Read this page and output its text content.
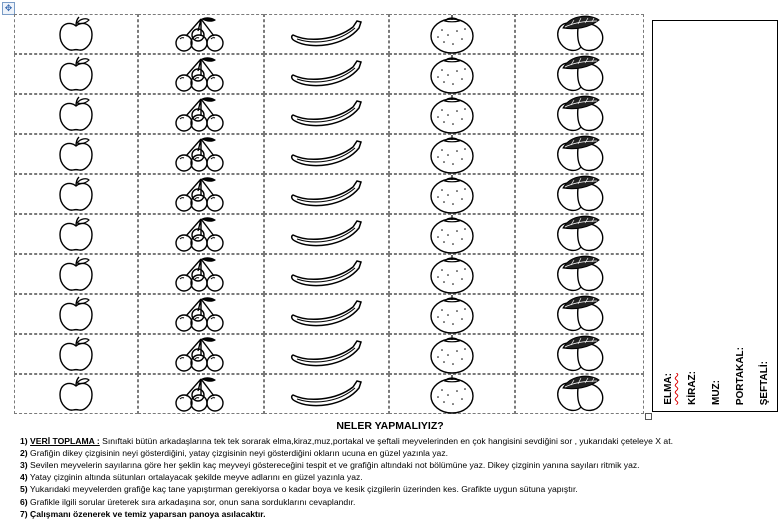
✥
ELMA: KİRAZ: MUZ: PORTAKAL: ŞEFTALİ:
NELER YAPMALIYIZ?
1) VERİ TOPLAMA : Sınıftaki bütün arkadaşlarına tek tek sorarak elma,kiraz,muz,portakal ve şeftali meyvelerinden en çok hangisini sevdiğini sor , yukarıdaki çeteleye X at.
2) Grafiğin dikey çizgisinin neyi gösterdiğini, yatay çizgisinin neyi gösterdiğini okların ucuna en güzel yazınla yaz.
3) Sevilen meyvelerin sayılarına göre her şeklin kaç meyveyi göstereceğini tespit et ve grafiğin altındaki not bölümüne yaz. Dikey çizginin yanına sayıları ritmik yaz.
4) Yatay çizginin altında sütunları ortalayacak şekilde meyve adlarını en güzel yazınla yaz.
5) Yukarıdaki meyvelerden grafiğe kaç tane yapıştırman gerekiyorsa o kadar boya ve kesik çizgilerin üzerinden kes. Grafikte uygun sütuna yapıştır.
6) Grafikle ilgili sorular üreterek sıra arkadaşına sor, onun sana sorduklarını cevaplandır.
7) Çalışmanı özenerek ve temiz yaparsan panoya asılacaktır.
